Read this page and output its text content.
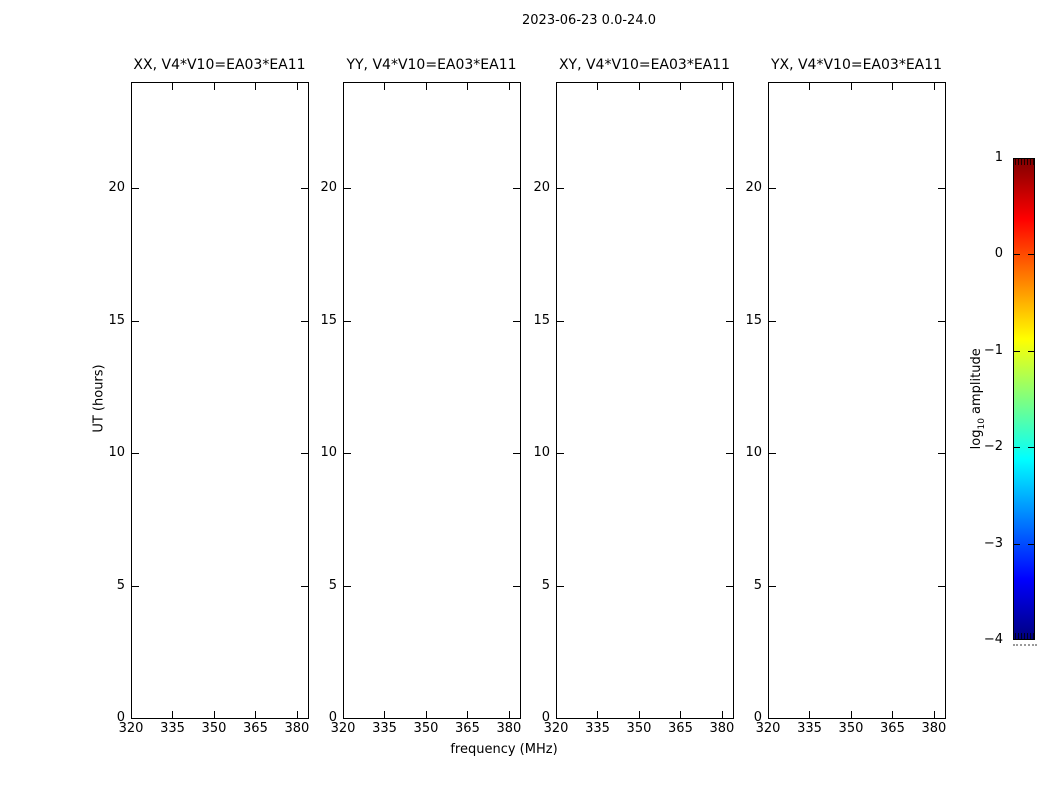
2023-06-23 0.0-24.0
frequency (MHz)
UT (hours)
XX, V4*V10=EA03*EA11
320	335	350	365	380
0
5
10
15
20
YY, V4*V10=EA03*EA11
320	335	350	365	380
0
5
10
15
20
XY, V4*V10=EA03*EA11
320	335	350	365	380
0
5
10
15
20
YX, V4*V10=EA03*EA11
320	335	350	365	380
0
5
10
15
20
1
0
−1
−2
−3
−4
$\log_{10}$ amplitude
